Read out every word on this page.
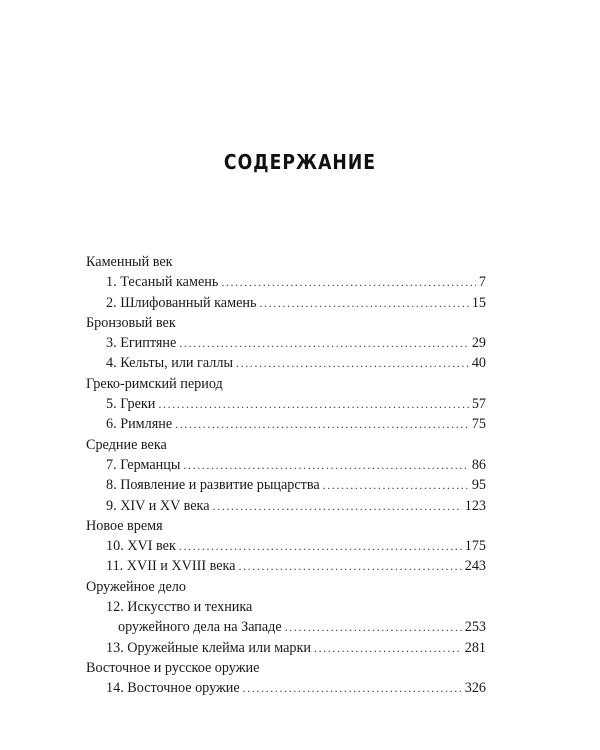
СОДЕРЖАНИЕ
Каменный век
1. Тесаный камень .....	7
2. Шлифованный камень .....	15
Бронзовый век
3. Египтяне .....	29
4. Кельты, или галлы .....	40
Греко-римский период
5. Греки .....	57
6. Римляне .....	75
Средние века
7. Германцы .....	86
8. Появление и развитие рыцарства .....	95
9. XIV и XV века .....	123
Новое время
10. XVI век .....	175
11. XVII и XVIII века .....	243
Оружейное дело
12. Искусство и техника
оружейного дела на Западе .....	253
13. Оружейные клейма или марки .....	281
Восточное и русское оружие
14. Восточное оружие .....	326
